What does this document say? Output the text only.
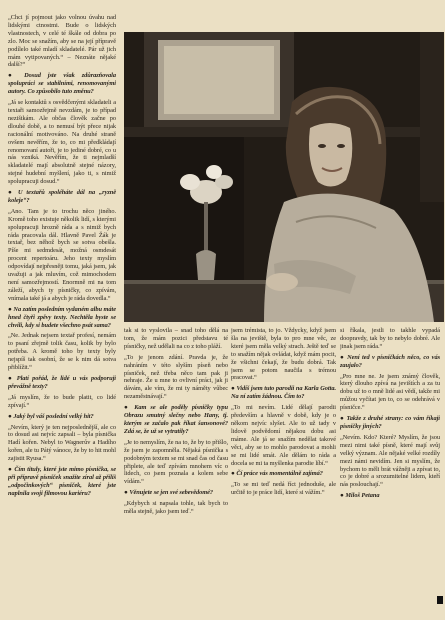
„Chci jí pojmout jako volnou úvahu nad lidskými ctnostmi. Bude o lidských vlastnostech, v celé té škále od dobra po zlo. Moc se snažím, aby se na její přípravě podílelo také mladí skladatelé. Pár už jich mám vytipovaných.“ – Neznáte nějaké další?“

● Dosud jste však zdůrazňovala spolupráci se stabilními, renomovanými autory. Co způsobilo tuto změnu?

„Já se kontaktů s osvědčenými skladateli a textaři samozřejmě nevzdám, je to případ nezištkám. Ale občas člověk začne po dlouhé době, a to nemusí být přece nijak racionální motivováno. Na druhé straně ovšem nevěřím, že to, co mi předkládají renomovaní autoři, je to jediné dobré, co u nás vzniká. Nevěřím, že ti nejmladší skladatelé mají absolutně stejné názory, stejné hudební myšlení, jako ti, s nimiž spolupracuji dosud.“

● U textařů spoléháte dál na „ryzně koleje“?

„Ano. Tam je to trochu něco jiného. Kromě toho existuje několik lidí, s kterými spolupracuji hrozně ráda a s nimiž bych ráda pracovala dál. Hlavně Pavel Žák je textař, bez něhož bych se sotva obešla. Píše mi sedmdesát, možná osmdesát procent repertoáru. Jeho texty myslím odpovídají nejpřesněji tomu, jaká jsem, jak uvažuji a jak mluvím, což mimochodem není samozřejmostí. Enormně mi na tom záleží, abych ty písničky, co zpívám, vnímala také já a abych je ráda dovedla.“

● Na zatím posledním vydaném albu máte hned čtyři zpěvy texty. Nechtěla byste se chvíli, kdy si budete všechno psát sama?

„Ne. Jednak nejsem textař profesí, nemám to psaní zřejmě tolik času, kolik by bylo potřeba. A kromě toho by texty byly nejspíš tak osobní, že se k nim dá sotva přiblížit.“

● Platí pořád, že lidé u vás podporují převážně texty?

„Já myslím, že to bude platit, co lidé zpívají.“

● Jaký byl váš poslední velký hit?

„Nevím, který je ten nejposlednější, ale co to dosud asi nejvíc zapsali – byla písnička Hadí kořen. Nebyl to Wagnerův a Hadího kořen, ale tu Pátý vánoce, že by to hit mohl zajistit Ryusa.“

● Čím tituly, které jste mimo písnička, se při přípravě písniček snažíte zíral až příliš „odpočinkových“ písniček, které jste naplnila svoji filmovou kariéru?

tak si to vyslovila – snad toho dělá na tom, že mám pozici představu té písničky, než udělali na co z toho pláží.

„To je jenom zdání. Pravda je, že nahráním v této slyším píseň nebo písniček, než třeba něco tam pak ji nehraje. Že u mne to ovlivní práci, jak ji dávám, ale vím, že mi ty náměty vůbec nezaměstnávají.“

● Kam se ale poděly písničky typu Obrazu smutný slečny nebo Hany, tj. kterým se začalo pak říkat šansonové? Zdá se, že už se vytratily?

„Je to nemyslím, že na to, že by to přišlo, že jsem je zapomněla. Nějaká písnička s podobným textem se mi snad čas od času připlete, ale teď zpívám mnohem víc o lidech, co jsem poznala a kolem sebe vídám.“

● Věnujete se jen své sebevědomé?

„Kdybych si napsala tohle, tak bych to měla stejně, jako jsem teď.“

jsem trémista, to jo. Vždycky, když jsem šla na jeviště, byla to pro mne věc, ze které jsem měla velký strach. Ještě teď se to snažím nějak ovládat, když mám pocit, že všichni čekají, že budu dobrá. Tak jsem se potom naučila s trémou pracovat.“

● Vidíš jsem tuto parodii na Karla Gotta. Na ní zatím žádnou. Čím to?

„To mi nevím. Lidé dělají parodii především a hlavně v době, kdy je o někom nejvíc slyšet. Ale to už tady v lidově podvědomí nějakou dobu asi máme. Ale já se snažím nedělat takové věci, aby se to mohlo parodovat a mohli se mi lidé smát. Ale dělám to ráda a docela se mi ta myšlenka parodie líbí.“

● Čí práce vás momentálně zajímá?

„To se mi teď nedá říct jednoduše, ale určitě to je práce lidí, které si vážím.“

si říkala, jestli to takhle vypadá doopravdy, tak by to nebylo dobré. Ale jinak jsem ráda.“

● Není ted v písničkách něco, co vás zaujalo?

„Pro mne ne. Je jsem známý člověk, který dlouho zpívá na jevištích a za tu dobu už to o mně lidé asi vědí, takže mi můžou vyčítat jen to, co se odehrává v písničce.“

● Takže z druhé strany: co vám říkají písničky jiných?

„Nevím. Kdo? Které? Myslím, že jsou mezi nimi také písně, které mají svůj velký význam. Ale nějaké velké rozdíly mezi námi nevidím. Jen si myslím, že bychom to měli brát vážněji a zpívat to, co je dobré a srozumitelné lidem, kteří nás poslouchají.“

● Miloš Petana
